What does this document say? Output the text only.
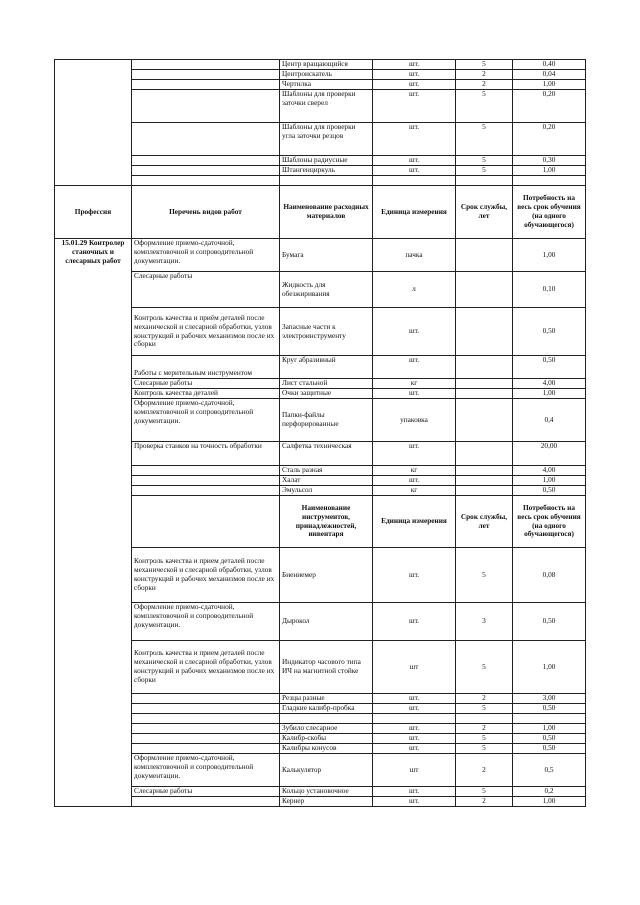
		Центр вращающийся	шт.	5	0,40
		Центроискатель	шт.	2	0,04
		Чертилка	шт.	2	1,00
		Шаблоны для проверки заточки сверел	шт.	5	0,20
		Шаблоны для проверки угла заточки резцов	шт.	5	0,20
		Шаблоны радиусные	шт.	5	0,30
		Штангенциркуль	шт.	5	1,00

Профессия	Перечень видов работ	Наименование расходных материалов	Единица измерения	Срок службы, лет	Потребность на весь срок обучения (на одного обучающегося)
15.01.29 Контролер станочных и слесарных работ	Оформление приемо-сдаточной, комплектовочной и сопроводительной документации.	Бумага	пачка		1,00
	Слесарные работы	Жидкость для обезжиривания	л		0,10
	Контроль качества и приём деталей после механической и слесарной обработки, узлов конструкций и рабочих механизмов после их сборки	Запасные части к электроинструменту	шт.		0,50
	Работы с мерительным инструментом	Круг абразивный	шт.		0,50
	Слесарные работы	Лист стальной	кг		4,00
	Контроль качества деталей	Очки защитные	шт.		1,00
	Оформление приемо-сдаточной, комплектовочной и сопроводительной документации.	Папки-файлы перфорированные	упаковка		0,4
	Проверка станков на точность обработки	Салфетка техническая	шт.		20,00
		Сталь разная	кг		4,00
		Халат	шт.		1,00
		Эмульсол	кг		0,50
		Наименование инструментов, принадлежностей, инвентаря	Единица измерения	Срок службы, лет	Потребность на весь срок обучения (на одного обучающегося)
	Контроль качества и прием деталей после механической и слесарной обработки, узлов конструкций и рабочих механизмов после их сборки	Биениемер	шт.	5	0,08
	Оформление приемо-сдаточной, комплектовочной и сопроводительной документации.	Дырокол	шт.	3	0,50
	Контроль качества и прием деталей после механической и слесарной обработки, узлов конструкций и рабочих механизмов после их сборки	Индикатор часового типа ИЧ на магнитной стойке	шт	5	1,00
		Резцы разные	шт.	2	3,00
		Гладкие калибр-пробка	шт.	5	0,50

		Зубило слесарное	шт.	2	1,00
		Калибр-скобы	шт.	5	0,50
		Калибры конусов	шт.	5	0,50
	Оформление приемо-сдаточной, комплектовочной и сопроводительной документации.	Калькулятор	шт	2	0,5
	Слесарные работы	Кольцо установочное	шт.	5	0,2
		Кернер	шт.	2	1,00
